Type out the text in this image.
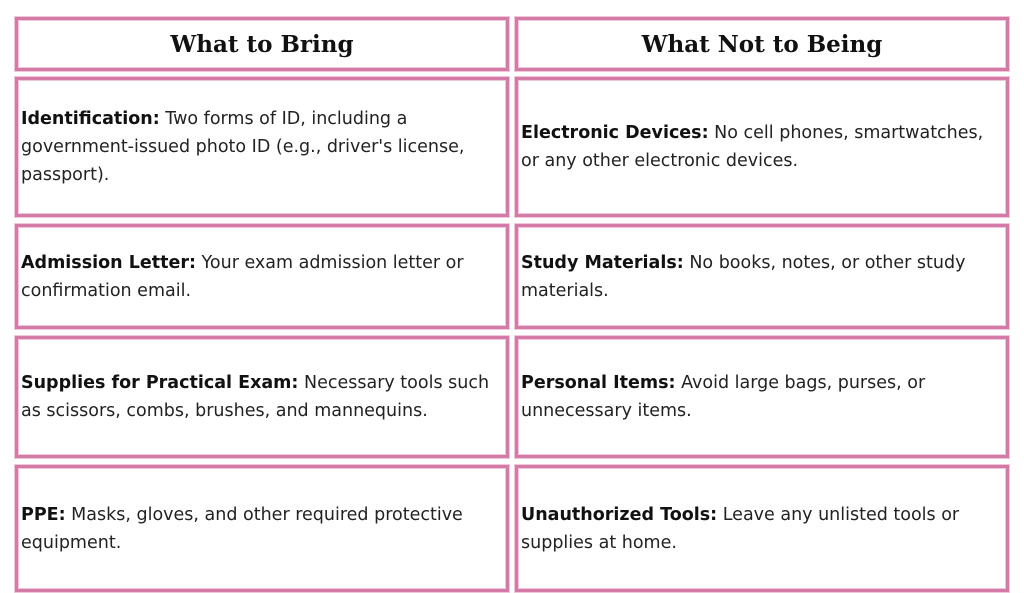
What to Bring	What Not to Being
Identification: Two forms of ID, including a government-issued photo ID (e.g., driver's license, passport).
Electronic Devices: No cell phones, smartwatches, or any other electronic devices.
Admission Letter: Your exam admission letter or confirmation email.
Study Materials: No books, notes, or other study materials.
Supplies for Practical Exam: Necessary tools such as scissors, combs, brushes, and mannequins.
Personal Items: Avoid large bags, purses, or unnecessary items.
PPE: Masks, gloves, and other required protective equipment.
Unauthorized Tools: Leave any unlisted tools or supplies at home.
